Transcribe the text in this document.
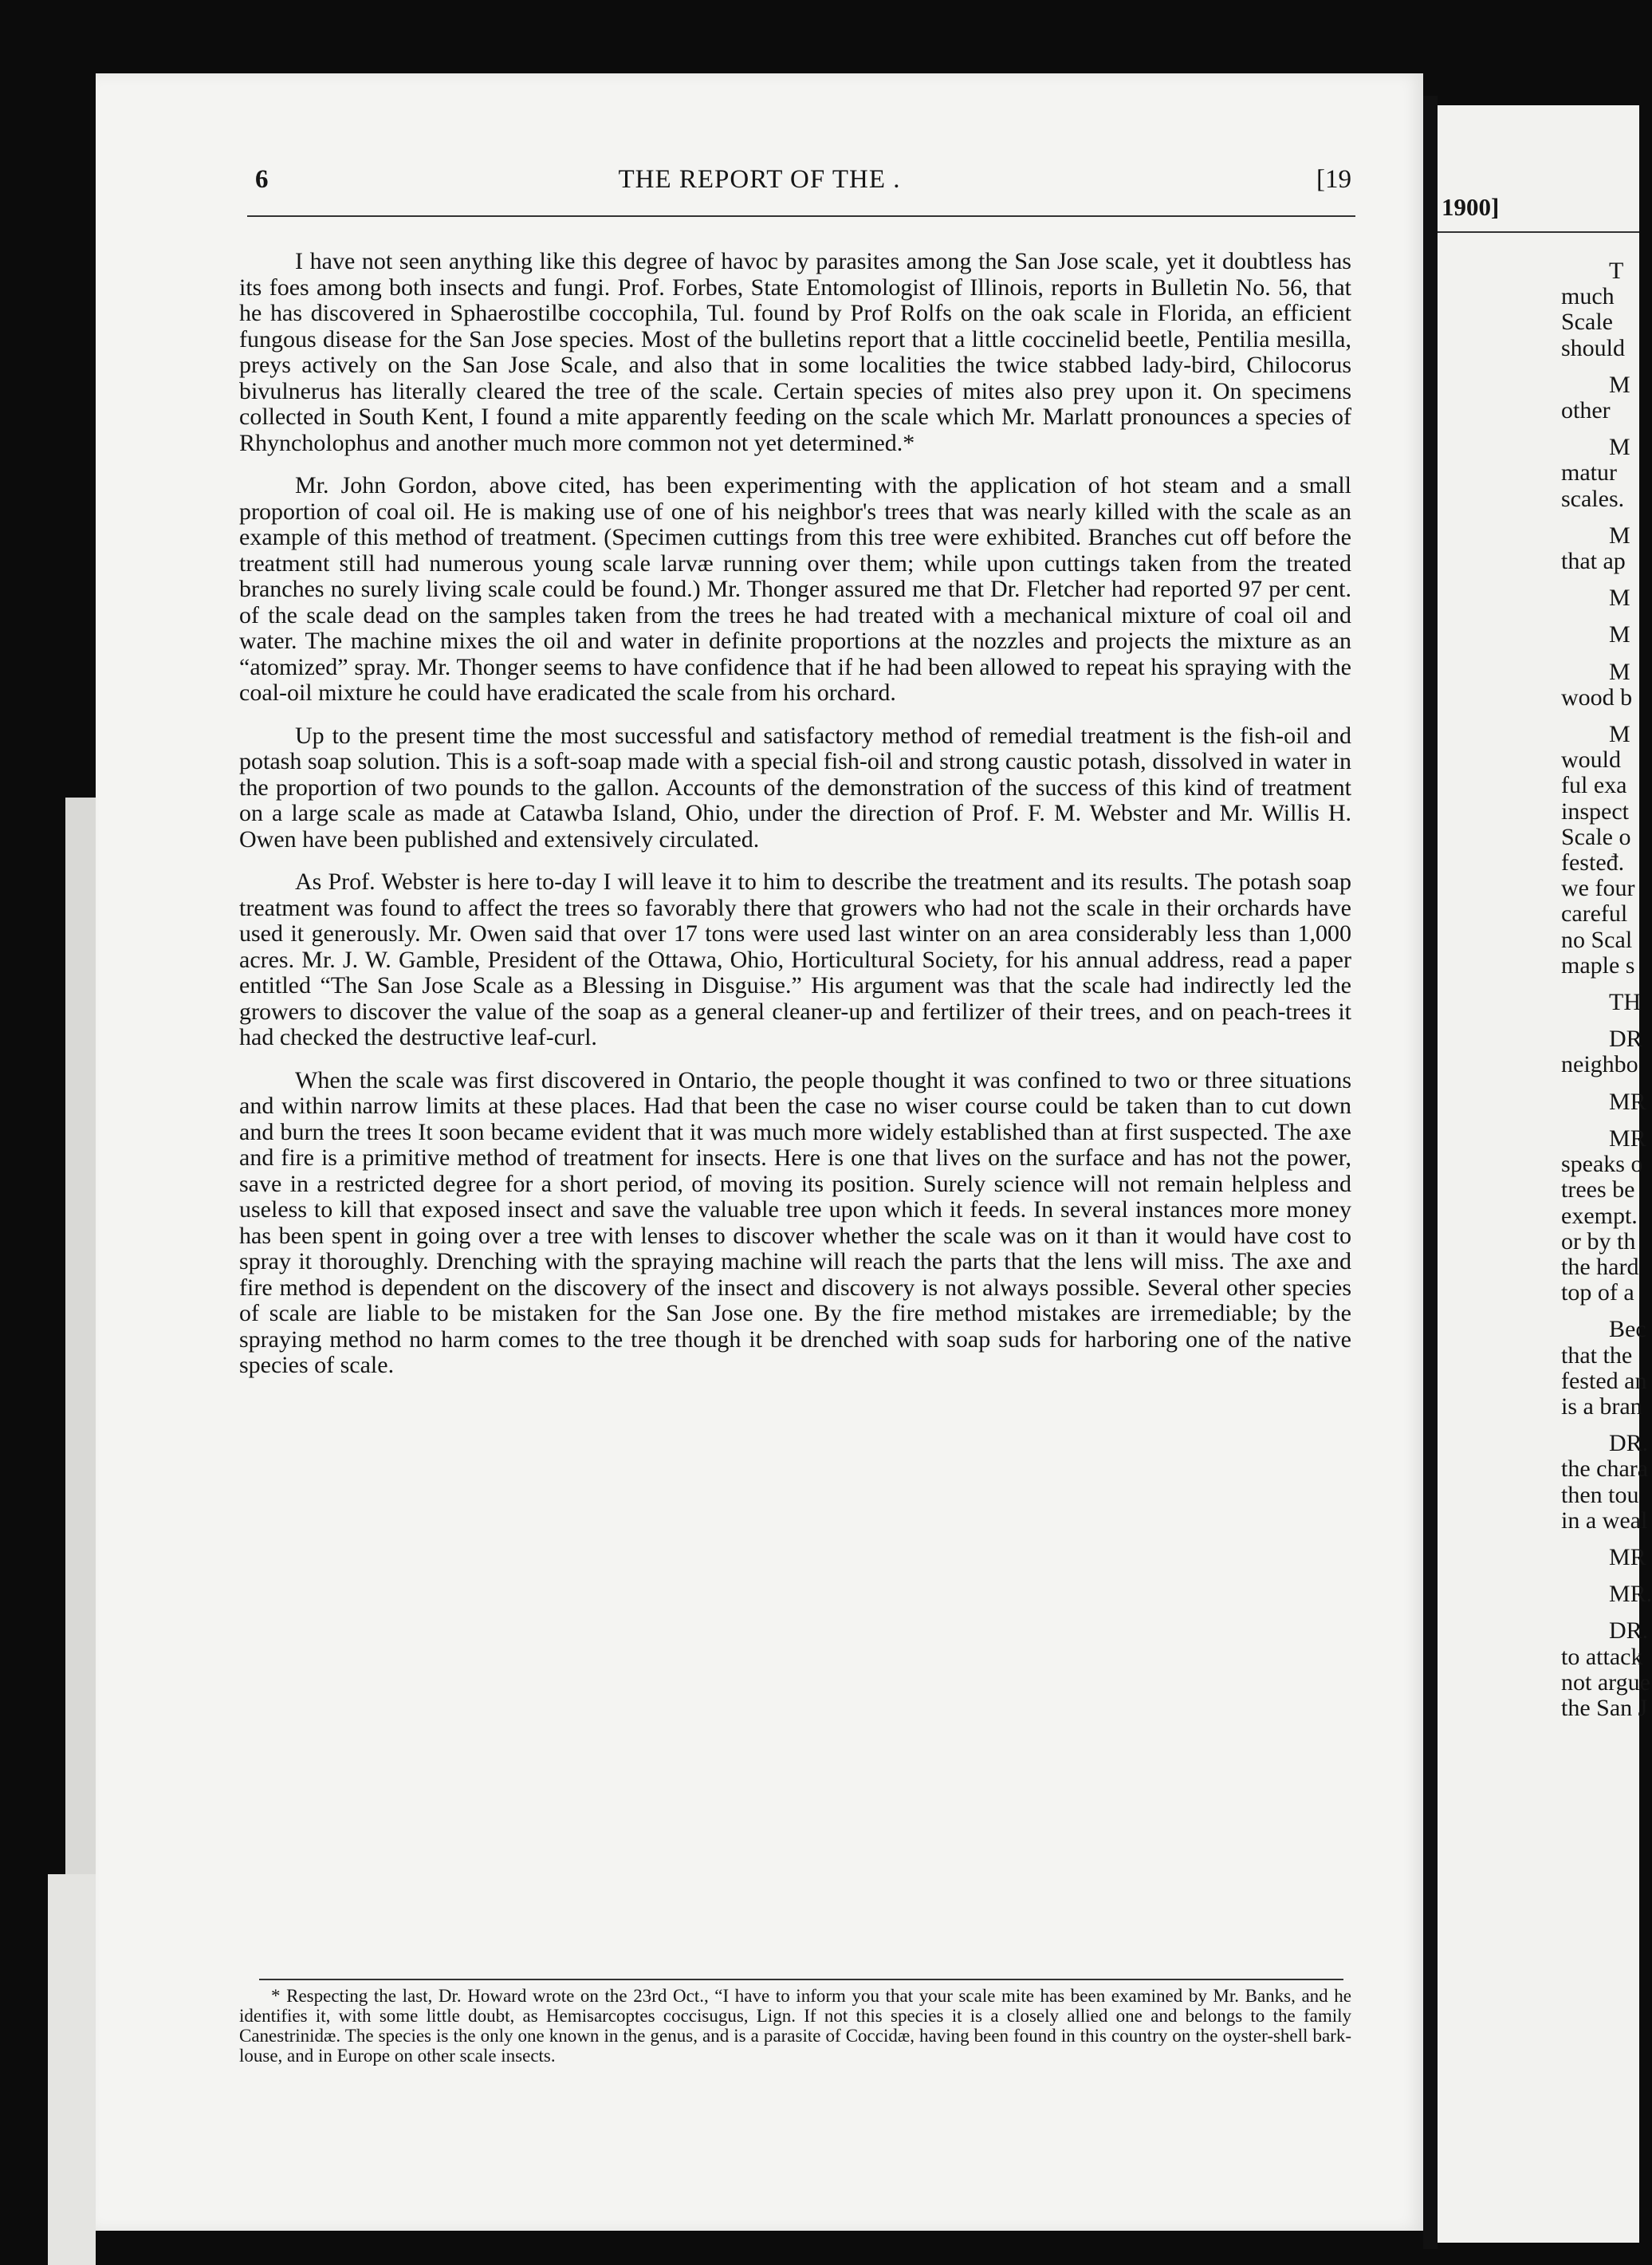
6	THE REPORT OF THE .	[19

I have not seen anything like this degree of havoc by parasites among the San Jose scale, yet it doubtless has its foes among both insects and fungi. Prof. Forbes, State Entomologist of Illinois, reports in Bulletin No. 56, that he has discovered in Sphaerostilbe coccophila, Tul. found by Prof Rolfs on the oak scale in Florida, an efficient fungous disease for the San Jose species. Most of the bulletins report that a little coccinelid beetle, Pentilia mesilla, preys actively on the San Jose Scale, and also that in some localities the twice stabbed lady-bird, Chilocorus bivulnerus has literally cleared the tree of the scale. Certain species of mites also prey upon it. On specimens collected in South Kent, I found a mite apparently feeding on the scale which Mr. Marlatt pronounces a species of Rhyncholophus and another much more common not yet determined.*

Mr. John Gordon, above cited, has been experimenting with the application of hot steam and a small proportion of coal oil. He is making use of one of his neighbor's trees that was nearly killed with the scale as an example of this method of treatment. (Specimen cuttings from this tree were exhibited. Branches cut off before the treatment still had numerous young scale larvæ running over them; while upon cuttings taken from the treated branches no surely living scale could be found.) Mr. Thonger assured me that Dr. Fletcher had reported 97 per cent. of the scale dead on the samples taken from the trees he had treated with a mechanical mixture of coal oil and water. The machine mixes the oil and water in definite proportions at the nozzles and projects the mixture as an “atomized” spray. Mr. Thonger seems to have confidence that if he had been allowed to repeat his spraying with the coal-oil mixture he could have eradicated the scale from his orchard.

Up to the present time the most successful and satisfactory method of remedial treatment is the fish-oil and potash soap solution. This is a soft-soap made with a special fish-oil and strong caustic potash, dissolved in water in the proportion of two pounds to the gallon. Accounts of the demonstration of the success of this kind of treatment on a large scale as made at Catawba Island, Ohio, under the direction of Prof. F. M. Webster and Mr. Willis H. Owen have been published and extensively circulated.

As Prof. Webster is here to-day I will leave it to him to describe the treatment and its results. The potash soap treatment was found to affect the trees so favorably there that growers who had not the scale in their orchards have used it generously. Mr. Owen said that over 17 tons were used last winter on an area considerably less than 1,000 acres. Mr. J. W. Gamble, President of the Ottawa, Ohio, Horticultural Society, for his annual address, read a paper entitled “The San Jose Scale as a Blessing in Disguise.” His argument was that the scale had indirectly led the growers to discover the value of the soap as a general cleaner-up and fertilizer of their trees, and on peach-trees it had checked the destructive leaf-curl.

When the scale was first discovered in Ontario, the people thought it was confined to two or three situations and within narrow limits at these places. Had that been the case no wiser course could be taken than to cut down and burn the trees It soon became evident that it was much more widely established than at first suspected. The axe and fire is a primitive method of treatment for insects. Here is one that lives on the surface and has not the power, save in a restricted degree for a short period, of moving its position. Surely science will not remain helpless and useless to kill that exposed insect and save the valuable tree upon which it feeds. In several instances more money has been spent in going over a tree with lenses to discover whether the scale was on it than it would have cost to spray it thoroughly. Drenching with the spraying machine will reach the parts that the lens will miss. The axe and fire method is dependent on the discovery of the insect and discovery is not always possible. Several other species of scale are liable to be mistaken for the San Jose one. By the fire method mistakes are irremediable; by the spraying method no harm comes to the tree though it be drenched with soap suds for harboring one of the native species of scale.

* Respecting the last, Dr. Howard wrote on the 23rd Oct., “I have to inform you that your scale mite has been examined by Mr. Banks, and he identifies it, with some little doubt, as Hemisarcoptes coccisugus, Lign. If not this species it is a closely allied one and belongs to the family Canestrinidæ. The species is the only one known in the genus, and is a parasite of Coccidæ, having been found in this country on the oyster-shell bark-louse, and in Europe on other scale insects.
1900]
T
much
Scale
should
M
other
M
matur
scales.
M
that ap
M
M
M
wood b
M
would
ful exa
inspect
Scale o
festeđ.
we four
careful
no Scal
maple s
TH
DR
neighbo
MR
MR
speaks o
trees be
exempt.
or by th
the hard
top of a
Bec
that the
fested an
is a bran
DR.
the chara
then tou
in a weal
MR
MR.
DR.
to attack
not argue
the San J
